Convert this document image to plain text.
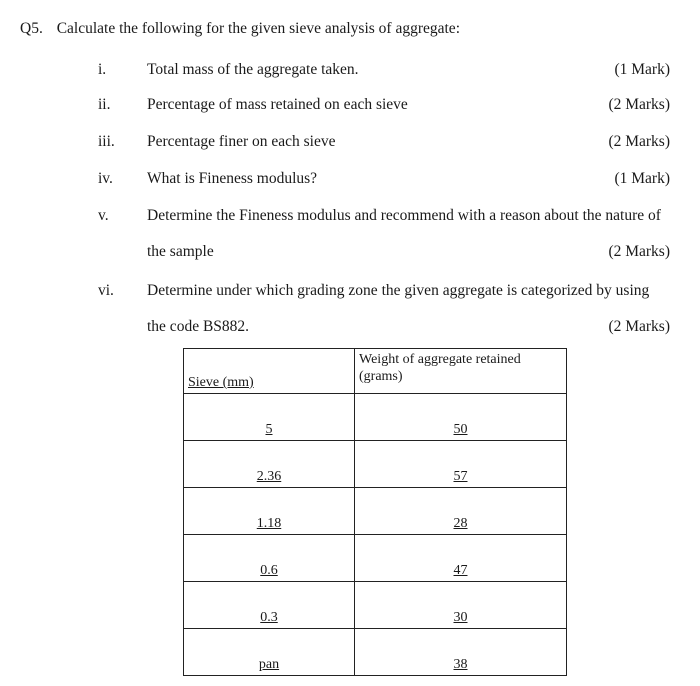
Q5. Calculate the following for the given sieve analysis of aggregate:
i.	Total mass of the aggregate taken.	(1 Mark)
ii. Percentage of mass retained on each sieve	(2 Marks)
iii. Percentage finer on each sieve	(2 Marks)
iv. What is Fineness modulus?	(1 Mark)
v. Determine the Fineness modulus and recommend with a reason about the nature of
the sample	(2 Marks)
vi. Determine under which grading zone the given aggregate is categorized by using
the code BS882.	(2 Marks)
Sieve (mm)	Weight of aggregate retained (grams)
5	50
2.36	57
1.18	28
0.6	47
0.3	30
pan	38
